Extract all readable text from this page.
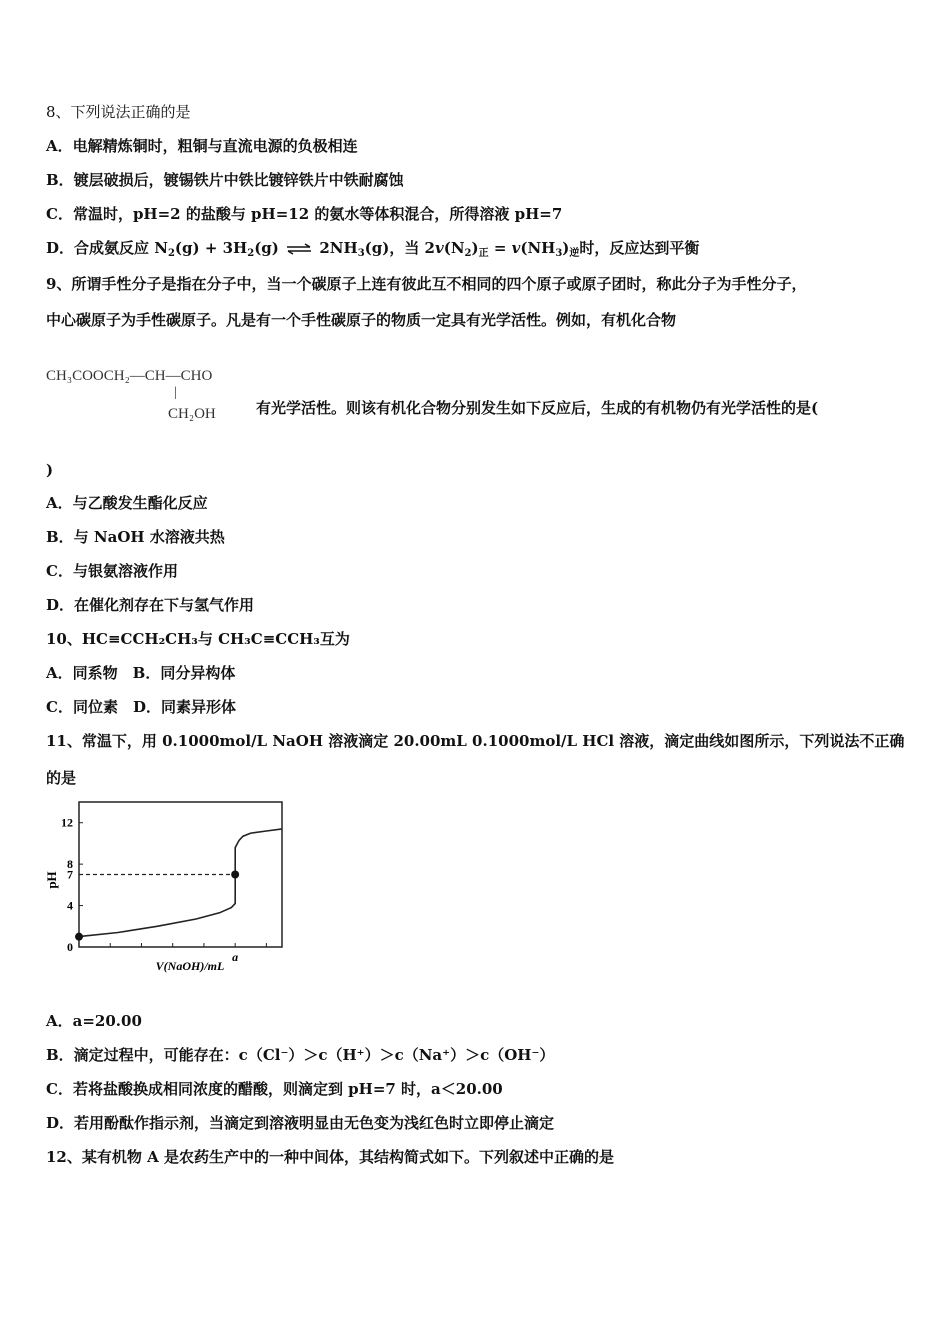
8、下列说法正确的是
A．电解精炼铜时，粗铜与直流电源的负极相连
B．镀层破损后，镀锡铁片中铁比镀锌铁片中铁耐腐蚀
C．常温时，pH=2 的盐酸与 pH=12 的氨水等体积混合，所得溶液 pH=7
D．合成氨反应 $N_2(g) + 3H_2(g)$ ⇌ $2NH_3(g)$，当 $2v(N_2)_正 = v(NH_3)_逆$时，反应达到平衡
9、所谓手性分子是指在分子中，当一个碳原子上连有彼此互不相同的四个原子或原子团时，称此分子为手性分子，
中心碳原子为手性碳原子。凡是有一个手性碳原子的物质一定具有光学活性。例如，有机化合物
CH₃COOCH₂—CH—CHO
|
CH₂OH	有光学活性。则该有机化合物分别发生如下反应后，生成的有机物仍有光学活性的是(
)
A．与乙酸发生酯化反应
B．与 NaOH 水溶液共热
C．与银氨溶液作用
D．在催化剂存在下与氢气作用
10、HC≡CCH₂CH₃与 CH₃C≡CCH₃互为
A．同系物　B．同分异构体
C．同位素　D．同素异形体
11、常温下，用 0.1000mol/L NaOH 溶液滴定 20.00mL 0.1000mol/L HCl 溶液，滴定曲线如图所示，下列说法不正确
的是
0
4
7
8
12
a
pH
V(NaOH)/mL
A．a=20.00
B．滴定过程中，可能存在：c（Cl⁻）＞c（H⁺）＞c（Na⁺）＞c（OH⁻）
C．若将盐酸换成相同浓度的醋酸，则滴定到 pH=7 时，a＜20.00
D．若用酚酞作指示剂，当滴定到溶液明显由无色变为浅红色时立即停止滴定
12、某有机物 A 是农药生产中的一种中间体，其结构简式如下。下列叙述中正确的是
